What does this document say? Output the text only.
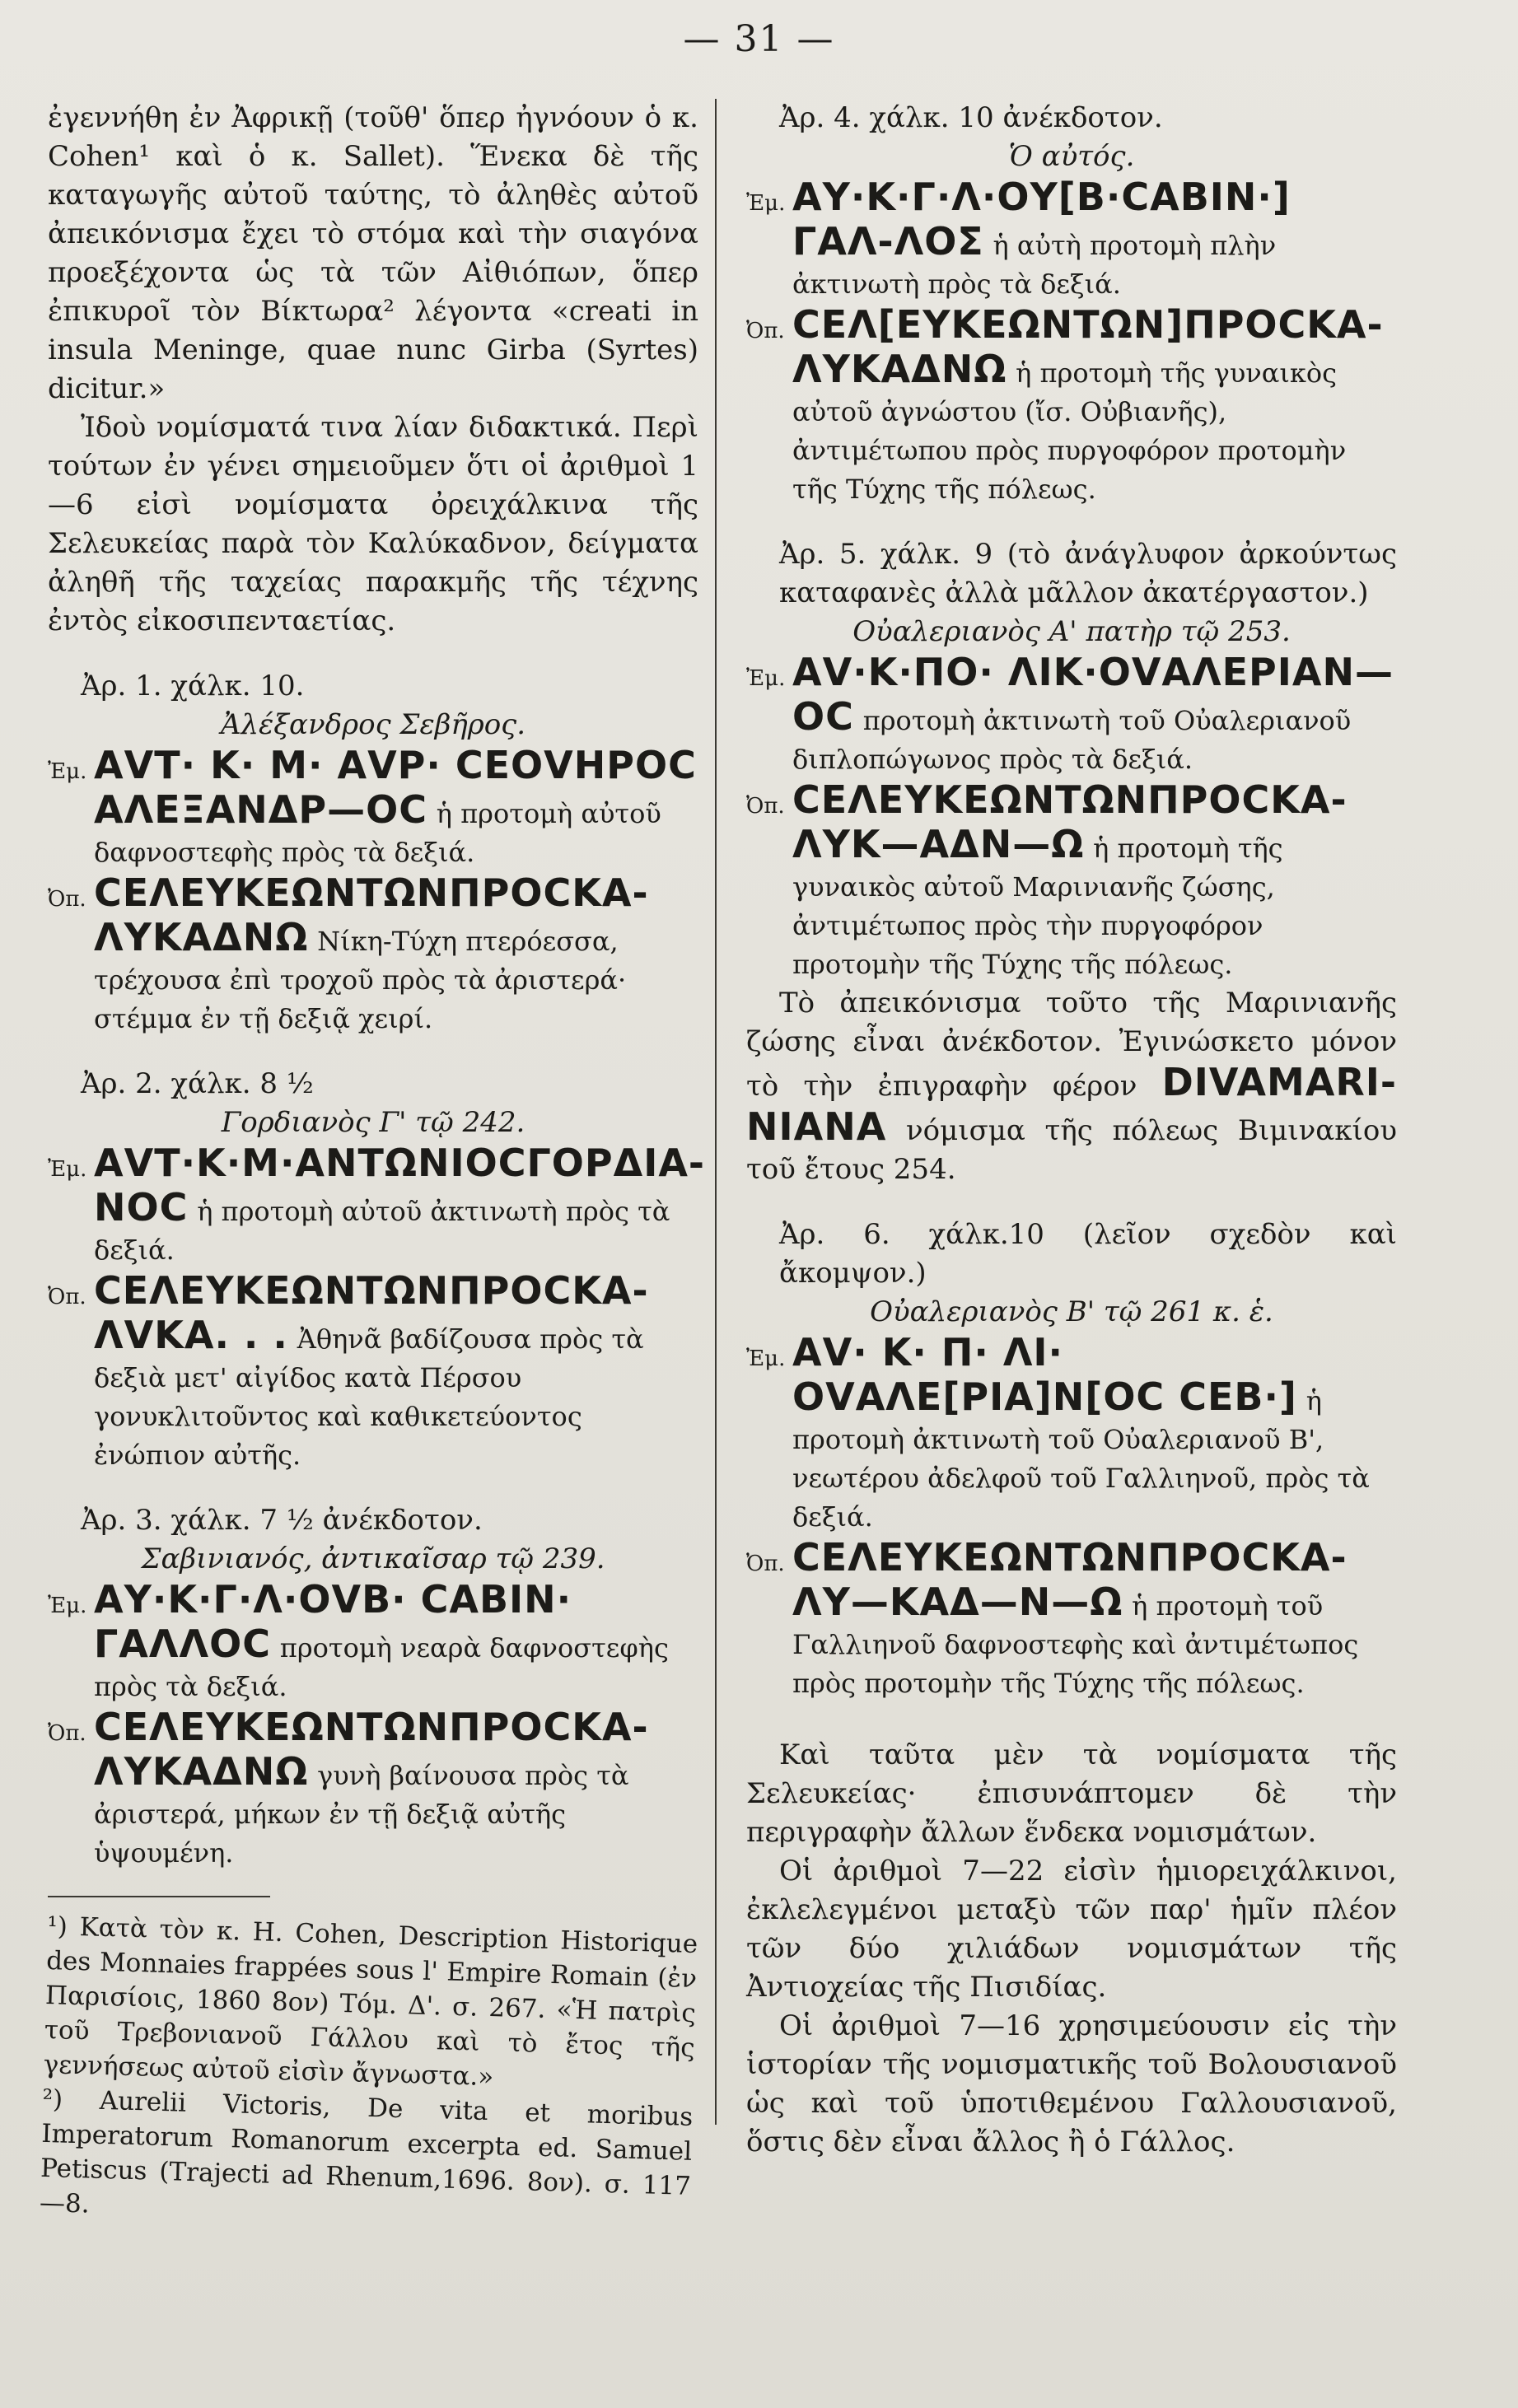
— 31 —

ἐγεννήθη ἐν Ἀφρικῇ (τοῦθ' ὅπερ ἠγνόουν ὁ κ. Cohen¹ καὶ ὁ κ. Sallet). Ἕνεκα δὲ τῆς καταγωγῆς αὐτοῦ ταύτης, τὸ ἀληθὲς αὐτοῦ ἀπεικόνισμα ἔχει τὸ στόμα καὶ τὴν σιαγόνα προεξέχοντα ὡς τὰ τῶν Αἰθιόπων, ὅπερ ἐπικυροῖ τὸν Βίκτωρα² λέγοντα «creati in insula Meninge, quae nunc Girba (Syrtes) dicitur.»

Ἰδοὺ νομίσματά τινα λίαν διδακτικά. Περὶ τούτων ἐν γένει σημειοῦμεν ὅτι οἱ ἀριθμοὶ 1—6 εἰσὶ νομίσματα ὀρειχάλκινα τῆς Σελευκείας παρὰ τὸν Καλύκαδνον, δείγματα ἀληθῆ τῆς ταχείας παρακμῆς τῆς τέχνης ἐντὸς εἰκοσιπενταετίας.

Ἀρ. 1. χάλκ. 10.

Ἀλέξανδρος Σεβῆρος.

Ἐμ. ΑVΤ· Κ· Μ· ΑVΡ· CΕΟVΗΡΟC ΑΛΕΞΑΝΔΡ—ΟC ἡ προτομὴ αὐτοῦ δαφνοστεφὴς πρὸς τὰ δεξιά.
Ὀπ. CΕΛΕΥΚΕΩΝΤΩΝΠΡΟCΚΑ-ΛΥΚΑΔΝΩ Νίκη-Τύχη πτερόεσσα, τρέχουσα ἐπὶ τροχοῦ πρὸς τὰ ἀριστερά· στέμμα ἐν τῇ δεξιᾷ χειρί.

Ἀρ. 2. χάλκ. 8 ½

Γορδιανὸς Γ' τῷ 242.

Ἐμ. ΑVΤ·Κ·Μ·ΑΝΤΩΝΙΟCΓΟΡΔΙΑ-ΝΟC ἡ προτομὴ αὐτοῦ ἀκτινωτὴ πρὸς τὰ δεξιά.
Ὀπ. CΕΛΕΥΚΕΩΝΤΩΝΠΡΟCΚΑ-ΛVΚΑ. . . Ἀθηνᾶ βαδίζουσα πρὸς τὰ δεξιὰ μετ' αἰγίδος κατὰ Πέρσου γονυκλιτοῦντος καὶ καθικετεύοντος ἐνώπιον αὐτῆς.

Ἀρ. 3. χάλκ. 7 ½ ἀνέκδοτον.

Σαβινιανός, ἀντικαῖσαρ τῷ 239.

Ἐμ. ΑΥ·Κ·Γ·Λ·ΟVΒ· CΑΒΙΝ· ΓΑΛΛΟC προτομὴ νεαρὰ δαφνοστεφὴς πρὸς τὰ δεξιά.
Ὀπ. CΕΛΕΥΚΕΩΝΤΩΝΠΡΟCΚΑ-ΛΥΚΑΔΝΩ γυνὴ βαίνουσα πρὸς τὰ ἀριστερά, μήκων ἐν τῇ δεξιᾷ αὐτῆς ὑψουμένη.

¹) Κατὰ τὸν κ. H. Cohen, Description Historique des Monnaies frappées sous l' Empire Romain (ἐν Παρισίοις, 1860 8ον) Τόμ. Δ'. σ. 267. «Ἡ πατρὶς τοῦ Τρεβονιανοῦ Γάλλου καὶ τὸ ἔτος τῆς γεννήσεως αὐτοῦ εἰσὶν ἄγνωστα.»

²) Aurelii Victoris, De vita et moribus Imperatorum Romanorum excerpta ed. Samuel Petiscus (Trajecti ad Rhenum,1696. 8ον). σ. 117 —8.

Ἀρ. 4. χάλκ. 10 ἀνέκδοτον.

Ὁ αὐτός.

Ἐμ. ΑΥ·Κ·Γ·Λ·ΟΥ[Β·CΑΒΙΝ·] ΓΑΛ-ΛΟΣ ἡ αὐτὴ προτομὴ πλὴν ἀκτινωτὴ πρὸς τὰ δεξιά.
Ὀπ. CΕΛ[ΕΥΚΕΩΝΤΩΝ]ΠΡΟCΚΑ-ΛΥΚΑΔΝΩ ἡ προτομὴ τῆς γυναικὸς αὐτοῦ ἀγνώστου (ἴσ. Οὐβιανῆς), ἀντιμέτωπου πρὸς πυργοφόρον προτομὴν τῆς Τύχης τῆς πόλεως.

Ἀρ. 5. χάλκ. 9 (τὸ ἀνάγλυφον ἀρκούντως καταφανὲς ἀλλὰ μᾶλλον ἀκατέργαστον.)

Οὐαλεριανὸς Α' πατὴρ τῷ 253.

Ἐμ. ΑV·Κ·ΠΟ· ΛΙΚ·ΟVΑΛΕΡΙΑΝ—ΟC προτομὴ ἀκτινωτὴ τοῦ Οὐαλεριανοῦ διπλοπώγωνος πρὸς τὰ δεξιά.
Ὀπ. CΕΛΕΥΚΕΩΝΤΩΝΠΡΟCΚΑ-ΛΥΚ—ΑΔΝ—Ω ἡ προτομὴ τῆς γυναικὸς αὐτοῦ Μαρινιανῆς ζώσης, ἀντιμέτωπος πρὸς τὴν πυργοφόρον προτομὴν τῆς Τύχης τῆς πόλεως.

Τὸ ἀπεικόνισμα τοῦτο τῆς Μαρινιανῆς ζώσης εἶναι ἀνέκδοτον. Ἐγινώσκετο μόνον τὸ τὴν ἐπιγραφὴν φέρον DIVAMARI-NIANA νόμισμα τῆς πόλεως Βιμινακίου τοῦ ἔτους 254.

Ἀρ. 6. χάλκ.10 (λεῖον σχεδὸν καὶ ἄκομψον.)

Οὐαλεριανὸς Β' τῷ 261 κ. ἑ.

Ἐμ. ΑV· Κ· Π· ΛΙ· ΟVΑΛΕ[ΡΙΑ]Ν[ΟC CΕΒ·] ἡ προτομὴ ἀκτινωτὴ τοῦ Οὐαλεριανοῦ Β', νεωτέρου ἀδελφοῦ τοῦ Γαλλιηνοῦ, πρὸς τὰ δεξιά.
Ὀπ. CΕΛΕΥΚΕΩΝΤΩΝΠΡΟCΚΑ-ΛΥ—ΚΑΔ—Ν—Ω ἡ προτομὴ τοῦ Γαλλιηνοῦ δαφνοστεφὴς καὶ ἀντιμέτωπος πρὸς προτομὴν τῆς Τύχης τῆς πόλεως.

Καὶ ταῦτα μὲν τὰ νομίσματα τῆς Σελευκείας· ἐπισυνάπτομεν δὲ τὴν περιγραφὴν ἄλλων ἕνδεκα νομισμάτων.

Οἱ ἀριθμοὶ 7—22 εἰσὶν ἡμιορειχάλκινοι, ἐκλελεγμένοι μεταξὺ τῶν παρ' ἡμῖν πλέον τῶν δύο χιλιάδων νομισμάτων τῆς Ἀντιοχείας τῆς Πισιδίας.

Οἱ ἀριθμοὶ 7—16 χρησιμεύουσιν εἰς τὴν ἱστορίαν τῆς νομισματικῆς τοῦ Βολουσιανοῦ ὡς καὶ τοῦ ὑποτιθεμένου Γαλλουσιανοῦ, ὅστις δὲν εἶναι ἄλλος ἢ ὁ Γάλλος.
